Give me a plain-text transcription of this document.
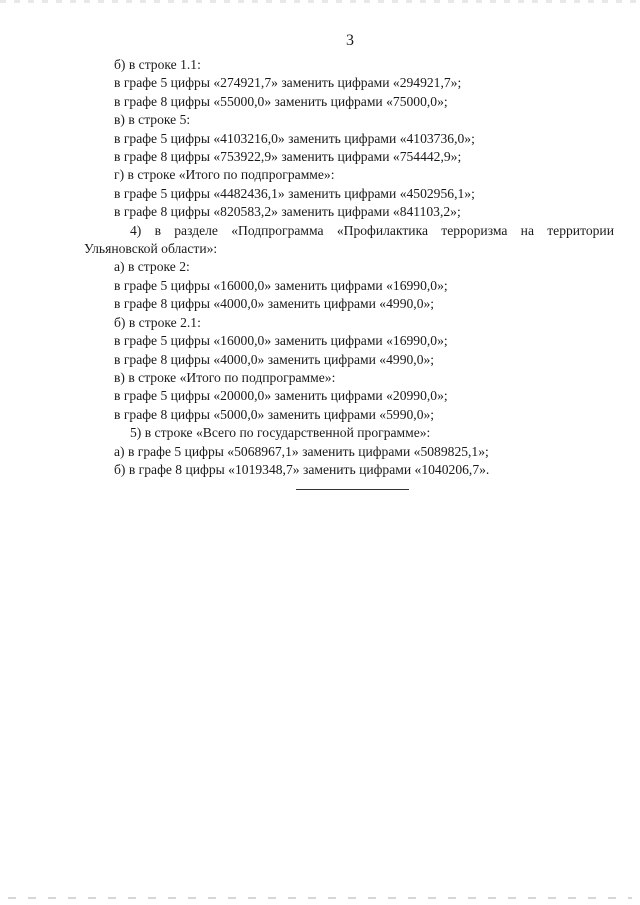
3

б) в строке 1.1:

в графе 5 цифры «274921,7» заменить цифрами «294921,7»;

в графе 8 цифры «55000,0» заменить цифрами «75000,0»;

в) в строке 5:

в графе 5 цифры «4103216,0» заменить цифрами «4103736,0»;

в графе 8 цифры «753922,9» заменить цифрами «754442,9»;

г) в строке «Итого по подпрограмме»:

в графе 5 цифры «4482436,1» заменить цифрами «4502956,1»;

в графе 8 цифры «820583,2» заменить цифрами «841103,2»;

4) в разделе «Подпрограмма «Профилактика терроризма на территории

Ульяновской области»:

а) в строке 2:

в графе 5 цифры «16000,0» заменить цифрами «16990,0»;

в графе 8 цифры «4000,0» заменить цифрами «4990,0»;

б) в строке 2.1:

в графе 5 цифры «16000,0» заменить цифрами «16990,0»;

в графе 8 цифры «4000,0» заменить цифрами «4990,0»;

в) в строке «Итого по подпрограмме»:

в графе 5 цифры «20000,0» заменить цифрами «20990,0»;

в графе 8 цифры «5000,0» заменить цифрами «5990,0»;

5) в строке «Всего по государственной программе»:

а) в графе 5 цифры «5068967,1» заменить цифрами «5089825,1»;

б) в графе 8 цифры «1019348,7» заменить цифрами «1040206,7».
